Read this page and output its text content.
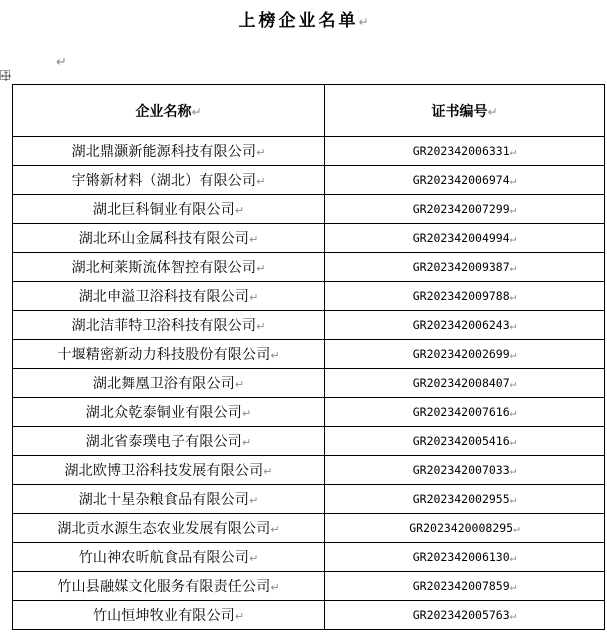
上榜企业名单↵
↵
企业名称↵	证书编号↵
湖北鼎灏新能源科技有限公司↵	GR202342006331↵
宇锵新材料（湖北）有限公司↵	GR202342006974↵
湖北巨科铜业有限公司↵	GR202342007299↵
湖北环山金属科技有限公司↵	GR202342004994↵
湖北柯莱斯流体智控有限公司↵	GR202342009387↵
湖北申溢卫浴科技有限公司↵	GR202342009788↵
湖北洁菲特卫浴科技有限公司↵	GR202342006243↵
十堰精密新动力科技股份有限公司↵	GR202342002699↵
湖北舞凰卫浴有限公司↵	GR202342008407↵
湖北众乾泰铜业有限公司↵	GR202342007616↵
湖北省泰璞电子有限公司↵	GR202342005416↵
湖北欧博卫浴科技发展有限公司↵	GR202342007033↵
湖北十星杂粮食品有限公司↵	GR202342002955↵
湖北贡水源生态农业发展有限公司↵	GR2023420008295↵
竹山神农昕航食品有限公司↵	GR202342006130↵
竹山县融媒文化服务有限责任公司↵	GR202342007859↵
竹山恒坤牧业有限公司↵	GR202342005763↵
